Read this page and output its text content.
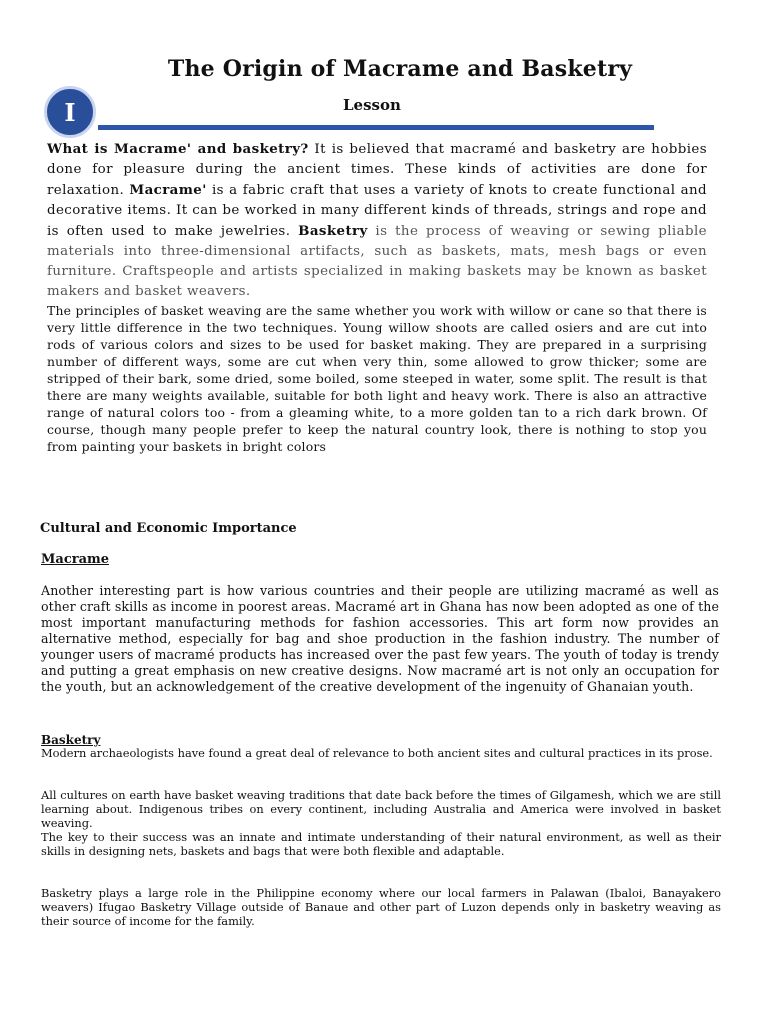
The Origin of Macrame and Basketry
I	Lesson
What is Macrame' and basketry? It is believed that macramé and basketry are hobbies done for pleasure during the ancient times. These kinds of activities are done for relaxation. Macrame' is a fabric craft that uses a variety of knots to create functional and decorative items. It can be worked in many different kinds of threads, strings and rope and is often used to make jewelries. Basketry is the process of weaving or sewing pliable materials into three-dimensional artifacts, such as baskets, mats, mesh bags or even furniture. Craftspeople and artists specialized in making baskets may be known as basket makers and basket weavers.
The principles of basket weaving are the same whether you work with willow or cane so that there is very little difference in the two techniques. Young willow shoots are called osiers and are cut into rods of various colors and sizes to be used for basket making. They are prepared in a surprising number of different ways, some are cut when very thin, some allowed to grow thicker; some are stripped of their bark, some dried, some boiled, some steeped in water, some split. The result is that there are many weights available, suitable for both light and heavy work. There is also an attractive range of natural colors too - from a gleaming white, to a more golden tan to a rich dark brown. Of course, though many people prefer to keep the natural country look, there is nothing to stop you from painting your baskets in bright colors
Cultural and Economic Importance
Macrame
Another interesting part is how various countries and their people are utilizing macramé as well as other craft skills as income in poorest areas. Macramé art in Ghana has now been adopted as one of the most important manufacturing methods for fashion accessories. This art form now provides an alternative method, especially for bag and shoe production in the fashion industry. The number of younger users of macramé products has increased over the past few years. The youth of today is trendy and putting a great emphasis on new creative designs. Now macramé art is not only an occupation for the youth, but an acknowledgement of the creative development of the ingenuity of Ghanaian youth.
Basketry
Modern archaeologists have found a great deal of relevance to both ancient sites and cultural practices in its prose.
All cultures on earth have basket weaving traditions that date back before the times of Gilgamesh, which we are still learning about. Indigenous tribes on every continent, including Australia and America were involved in basket weaving.
The key to their success was an innate and intimate understanding of their natural environment, as well as their skills in designing nets, baskets and bags that were both flexible and adaptable.
Basketry plays a large role in the Philippine economy where our local farmers in Palawan (Ibaloi, Banayakero weavers) Ifugao Basketry Village outside of Banaue and other part of Luzon depends only in basketry weaving as their source of income for the family.
